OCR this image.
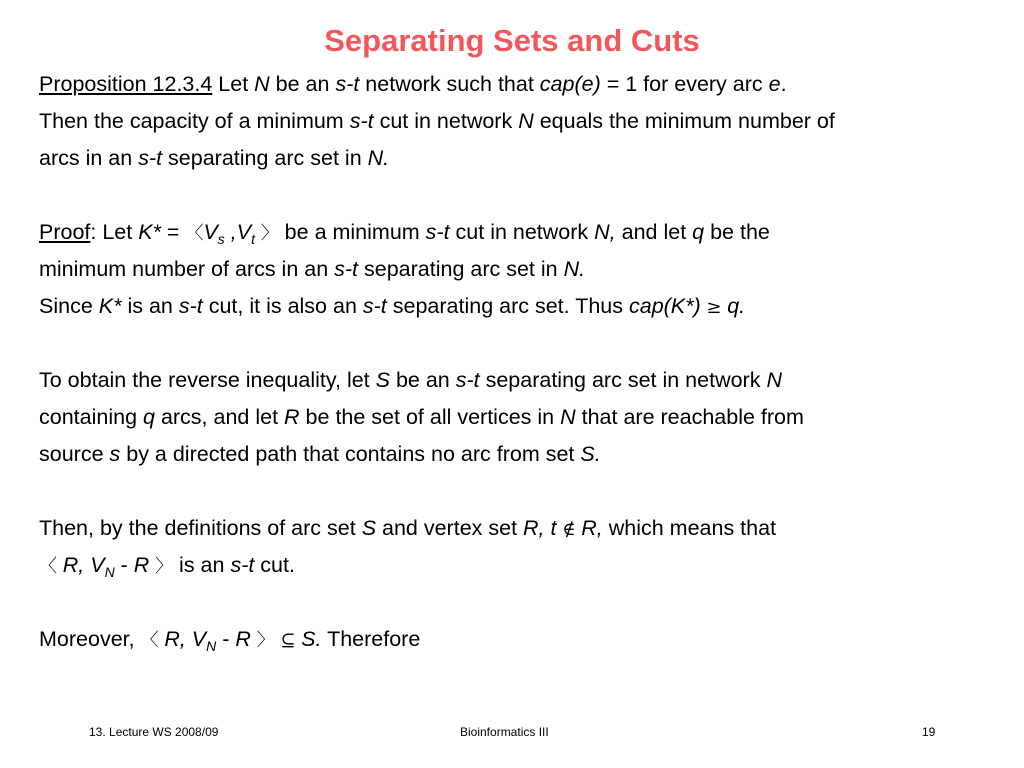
Separating Sets and Cuts
Proposition 12.3.4 Let N be an s-t network such that cap(e) = 1 for every arc e.
Then the capacity of a minimum s-t cut in network N equals the minimum number of
arcs in an s-t separating arc set in N.
Proof: Let K* = 〈$V_s$ $,V_t$ 〉 be a minimum s-t cut in network N, and let q be the
minimum number of arcs in an s-t separating arc set in N.
Since K* is an s-t cut, it is also an s-t separating arc set. Thus cap(K*) ≥ q.
To obtain the reverse inequality, let S be an s-t separating arc set in network N
containing q arcs, and let R be the set of all vertices in N that are reachable from
source s by a directed path that contains no arc from set S.
Then, by the definitions of arc set S and vertex set R, t ∉ R, which means that
〈 R, $V_N$ - R 〉 is an s-t cut.
Moreover, 〈 R, $V_N$ - R 〉 ⊆ S. Therefore
13. Lecture WS 2008/09	Bioinformatics III	19
